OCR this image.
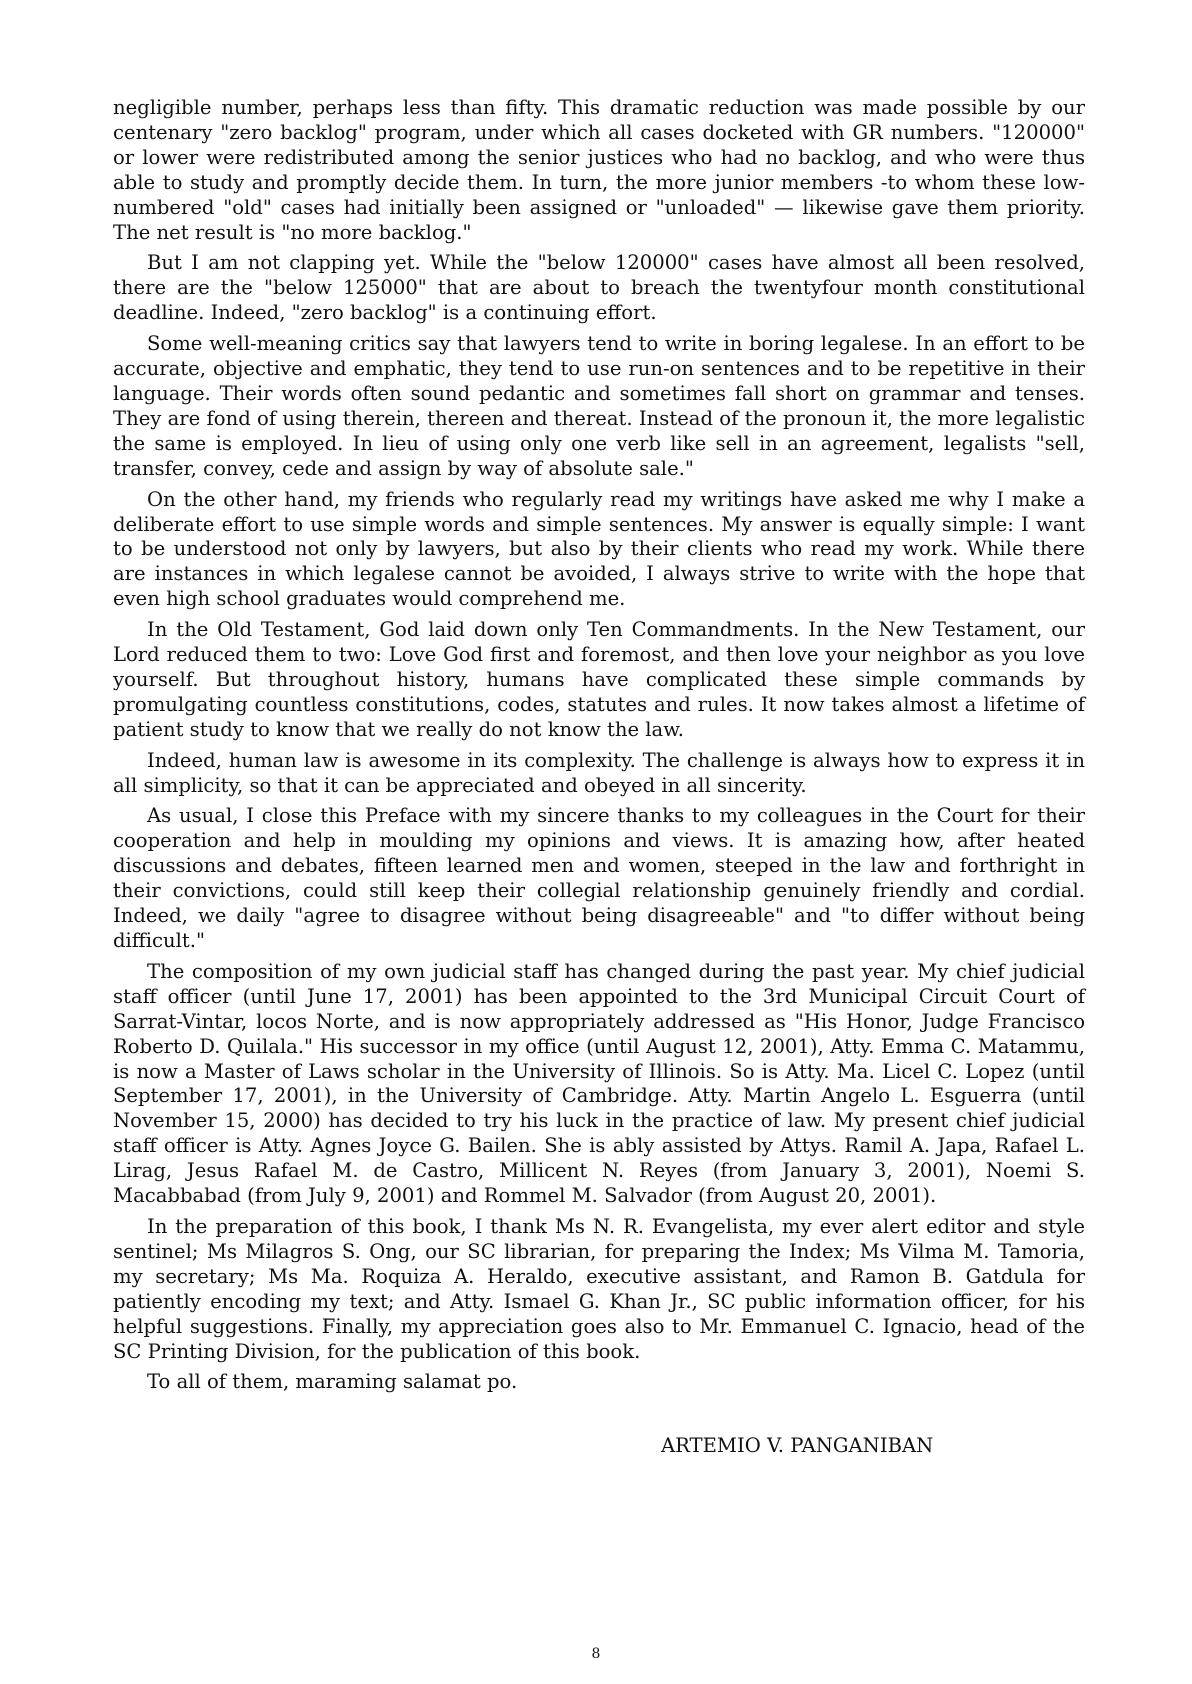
negligible number, perhaps less than fifty. This dramatic reduction was made possible by our centenary "zero backlog" program, under which all cases docketed with GR numbers. "120000" or lower were redistributed among the senior justices who had no backlog, and who were thus able to study and promptly decide them. In turn, the more junior members -to whom these low-numbered "old" cases had initially been assigned or "unloaded" — likewise gave them priority. The net result is "no more backlog."

But I am not clapping yet. While the "below 120000" cases have almost all been resolved, there are the "below 125000" that are about to breach the twentyfour month constitutional deadline. Indeed, "zero backlog" is a continuing effort.

Some well-meaning critics say that lawyers tend to write in boring legalese. In an effort to be accurate, objective and emphatic, they tend to use run-on sentences and to be repetitive in their language. Their words often sound pedantic and sometimes fall short on grammar and tenses. They are fond of using therein, thereen and thereat. Instead of the pronoun it, the more legalistic the same is employed. In lieu of using only one verb like sell in an agreement, legalists "sell, transfer, convey, cede and assign by way of absolute sale."

On the other hand, my friends who regularly read my writings have asked me why I make a deliberate effort to use simple words and simple sentences. My answer is equally simple: I want to be understood not only by lawyers, but also by their clients who read my work. While there are instances in which legalese cannot be avoided, I always strive to write with the hope that even high school graduates would comprehend me.

In the Old Testament, God laid down only Ten Commandments. In the New Testament, our Lord reduced them to two: Love God first and foremost, and then love your neighbor as you love yourself. But throughout history, humans have complicated these simple commands by promulgating countless constitutions, codes, statutes and rules. It now takes almost a lifetime of patient study to know that we really do not know the law.

Indeed, human law is awesome in its complexity. The challenge is always how to express it in all simplicity, so that it can be appreciated and obeyed in all sincerity.

As usual, I close this Preface with my sincere thanks to my colleagues in the Court for their cooperation and help in moulding my opinions and views. It is amazing how, after heated discussions and debates, fifteen learned men and women, steeped in the law and forthright in their convictions, could still keep their collegial relationship genuinely friendly and cordial. Indeed, we daily "agree to disagree without being disagreeable" and "to differ without being difficult."

The composition of my own judicial staff has changed during the past year. My chief judicial staff officer (until June 17, 2001) has been appointed to the 3rd Municipal Circuit Court of Sarrat-Vintar, locos Norte, and is now appropriately addressed as "His Honor, Judge Francisco Roberto D. Quilala." His successor in my office (until August 12, 2001), Atty. Emma C. Matammu, is now a Master of Laws scholar in the University of Illinois. So is Atty. Ma. Licel C. Lopez (until September 17, 2001), in the University of Cambridge. Atty. Martin Angelo L. Esguerra (until November 15, 2000) has decided to try his luck in the practice of law. My present chief judicial staff officer is Atty. Agnes Joyce G. Bailen. She is ably assisted by Attys. Ramil A. Japa, Rafael L. Lirag, Jesus Rafael M. de Castro, Millicent N. Reyes (from January 3, 2001), Noemi S. Macabbabad (from July 9, 2001) and Rommel M. Salvador (from August 20, 2001).

In the preparation of this book, I thank Ms N. R. Evangelista, my ever alert editor and style sentinel; Ms Milagros S. Ong, our SC librarian, for preparing the Index; Ms Vilma M. Tamoria, my secretary; Ms Ma. Roquiza A. Heraldo, executive assistant, and Ramon B. Gatdula for patiently encoding my text; and Atty. Ismael G. Khan Jr., SC public information officer, for his helpful suggestions. Finally, my appreciation goes also to Mr. Emmanuel C. Ignacio, head of the SC Printing Division, for the publication of this book.

To all of them, maraming salamat po.

ARTEMIO V. PANGANIBAN
8
